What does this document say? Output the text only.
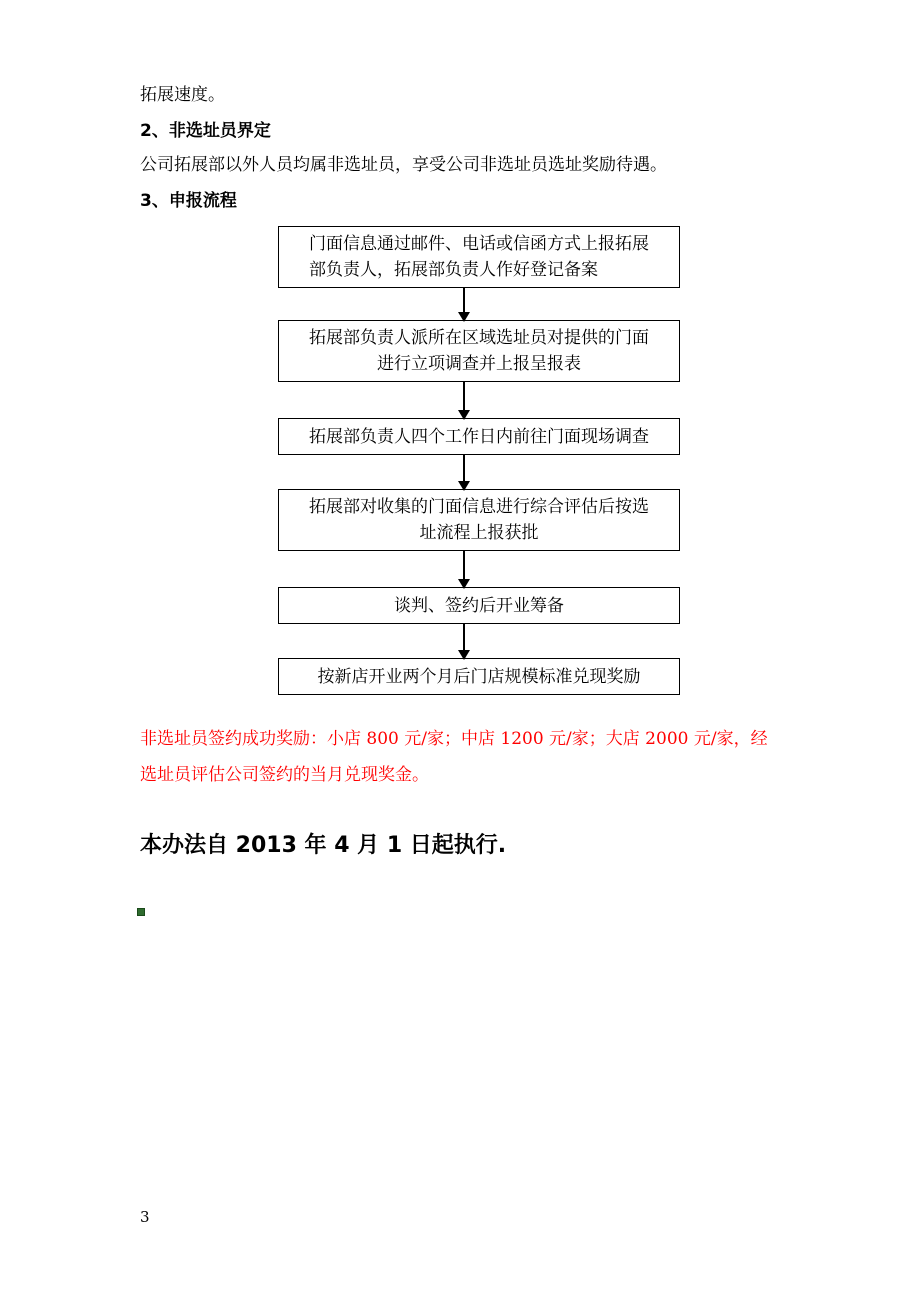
拓展速度。
2、非选址员界定
公司拓展部以外人员均属非选址员，享受公司非选址员选址奖励待遇。
3、申报流程
门面信息通过邮件、电话或信函方式上报拓展
部负责人，拓展部负责人作好登记备案
拓展部负责人派所在区域选址员对提供的门面
进行立项调查并上报呈报表
拓展部负责人四个工作日内前往门面现场调查
拓展部对收集的门面信息进行综合评估后按选
址流程上报获批
谈判、签约后开业筹备
按新店开业两个月后门店规模标准兑现奖励
非选址员签约成功奖励：小店 800 元/家；中店 1200 元/家；大店 2000 元/家，经
选址员评估公司签约的当月兑现奖金。
本办法自 2013 年 4 月 1 日起执行.
3
